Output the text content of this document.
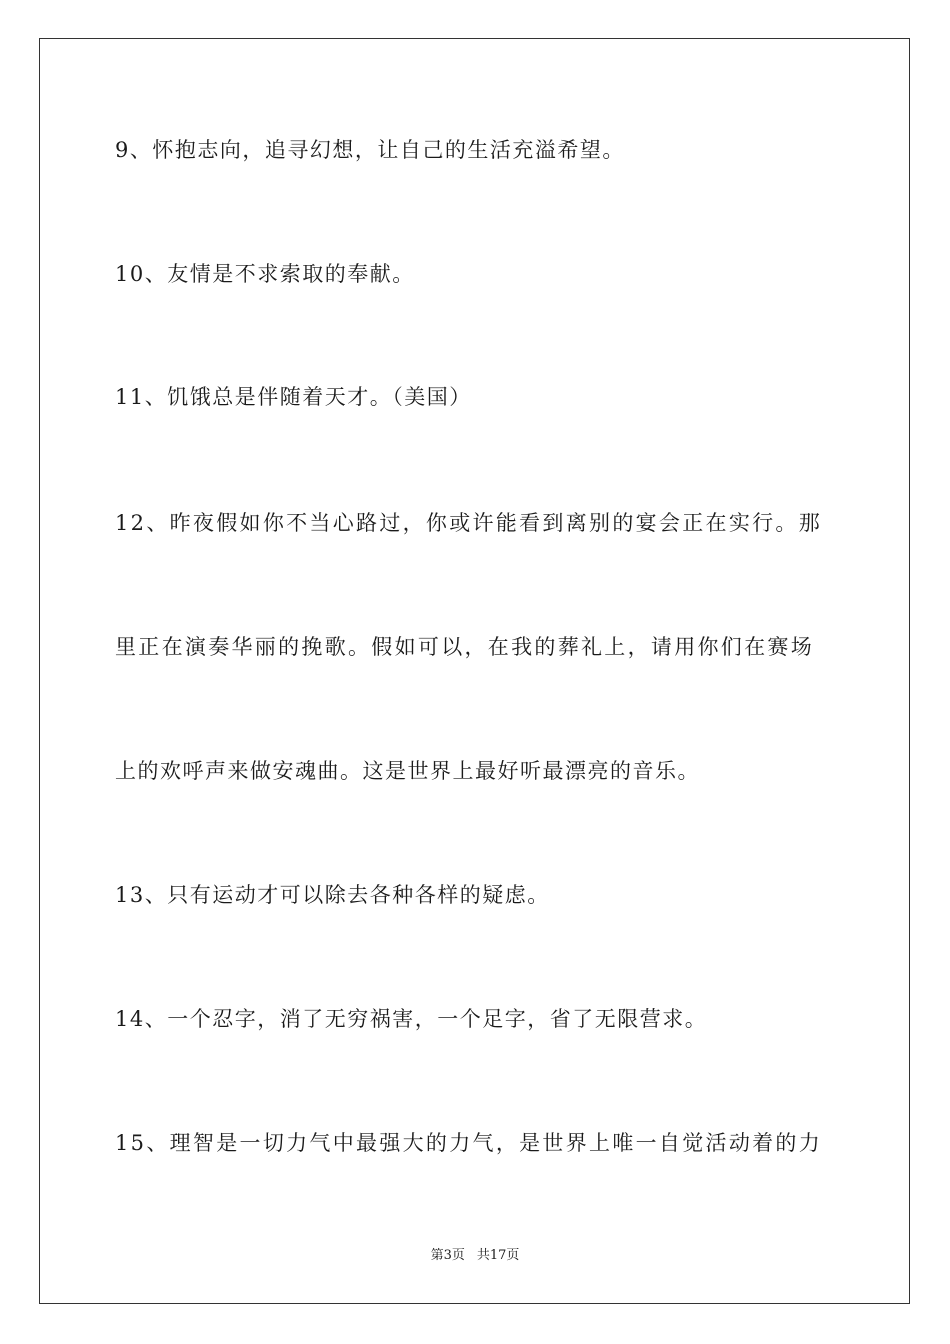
9、怀抱志向，追寻幻想，让自己的生活充溢希望。
10、友情是不求索取的奉献。
11、饥饿总是伴随着天才。（美国）
12、昨夜假如你不当心路过，你或许能看到离别的宴会正在实行。那
里正在演奏华丽的挽歌。假如可以，在我的葬礼上，请用你们在赛场
上的欢呼声来做安魂曲。这是世界上最好听最漂亮的音乐。
13、只有运动才可以除去各种各样的疑虑。
14、一个忍字，消了无穷祸害，一个足字，省了无限营求。
15、理智是一切力气中最强大的力气，是世界上唯一自觉活动着的力
第3页 共17页
